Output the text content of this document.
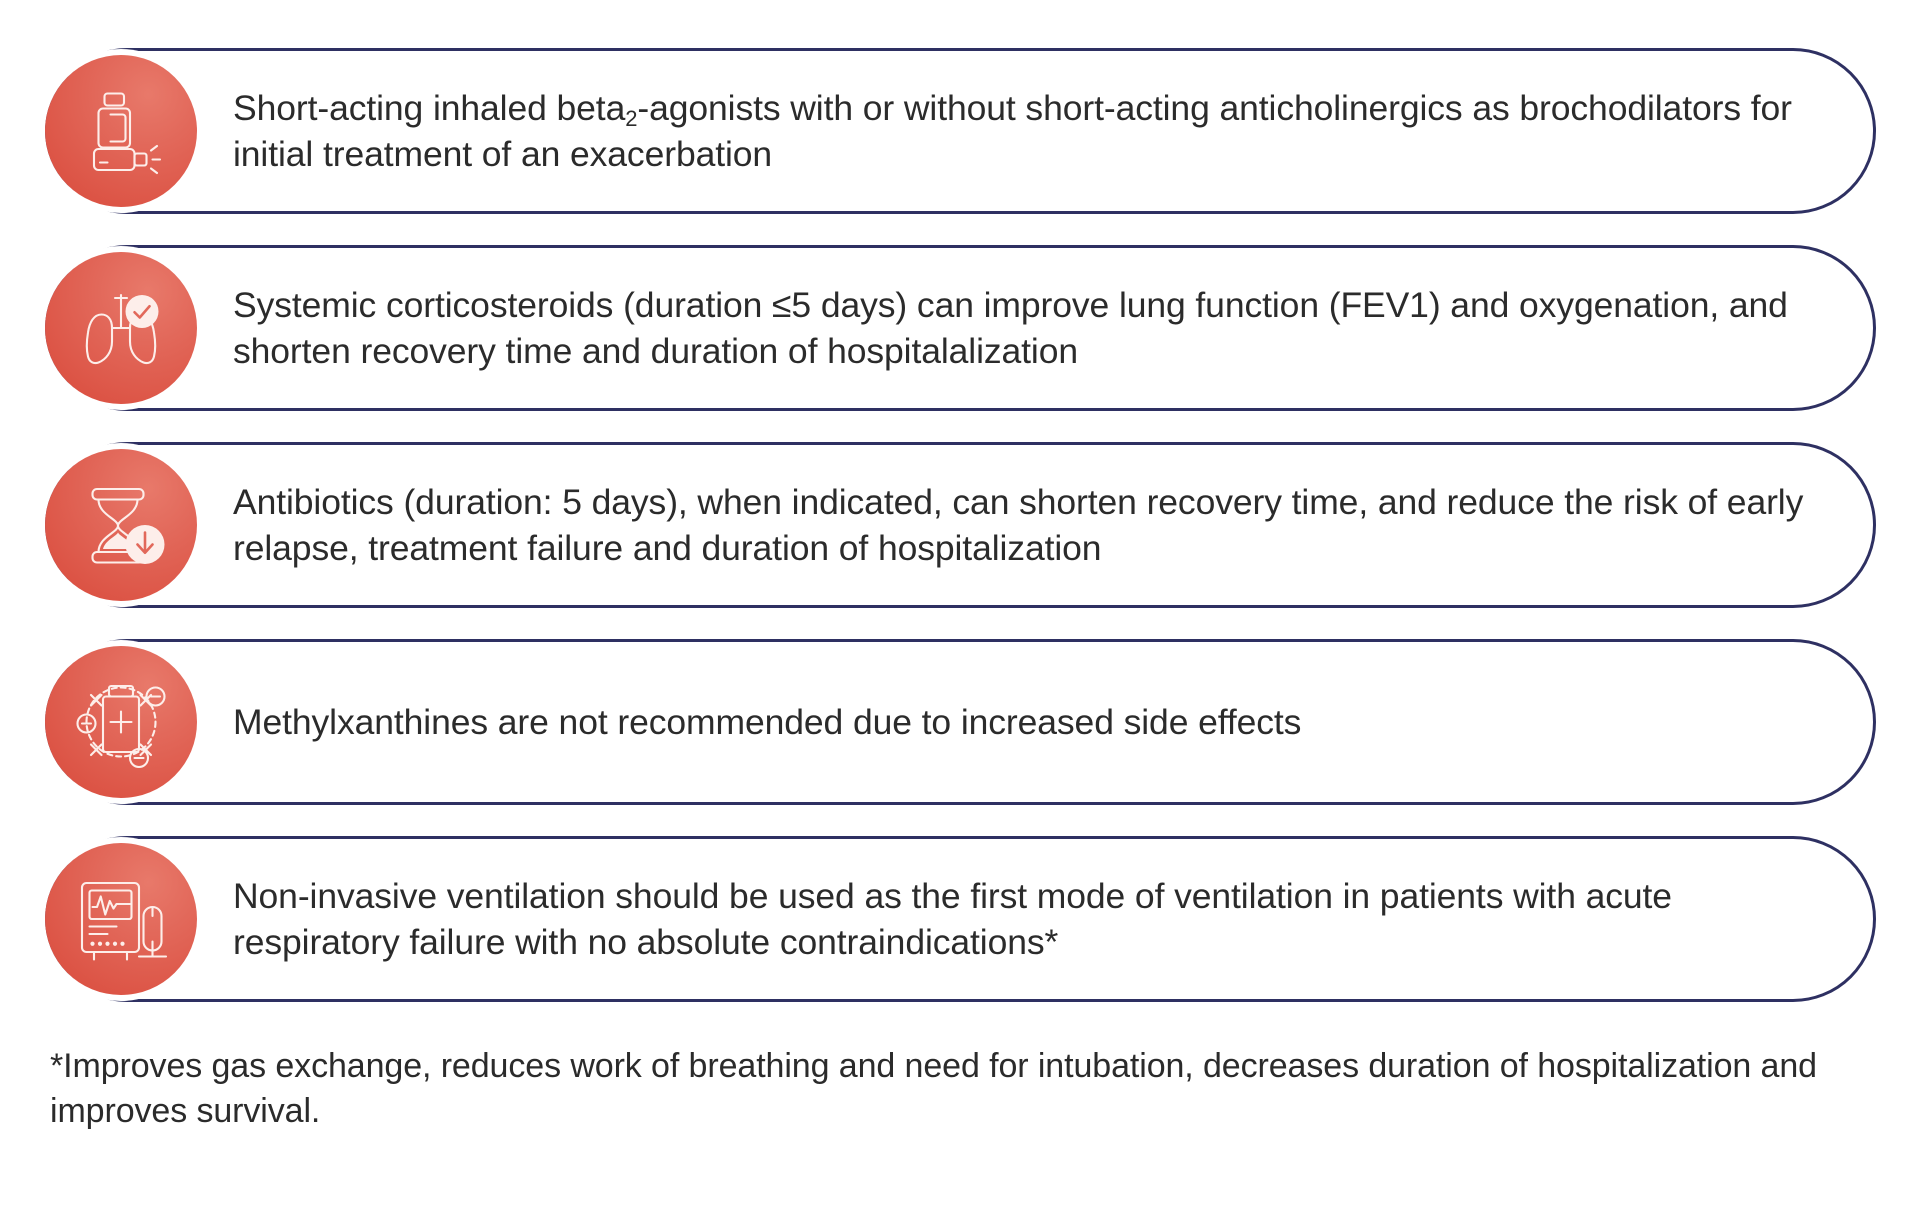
Short-acting inhaled beta$_2$-agonists with or without short-acting anticholinergics as brochodilators for initial treatment of an exacerbation
Systemic corticosteroids (duration ≤5 days) can improve lung function (FEV1) and oxygenation, and shorten recovery time and duration of hospitalalization
Antibiotics (duration: 5 days), when indicated, can shorten recovery time, and reduce the risk of early relapse, treatment failure and duration of hospitalization
Methylxanthines are not recommended due to increased side effects
Non-invasive ventilation should be used as the first mode of ventilation in patients with acute respiratory failure with no absolute contraindications*
*Improves gas exchange, reduces work of breathing and need for intubation, decreases duration of hospitalization and improves survival.
